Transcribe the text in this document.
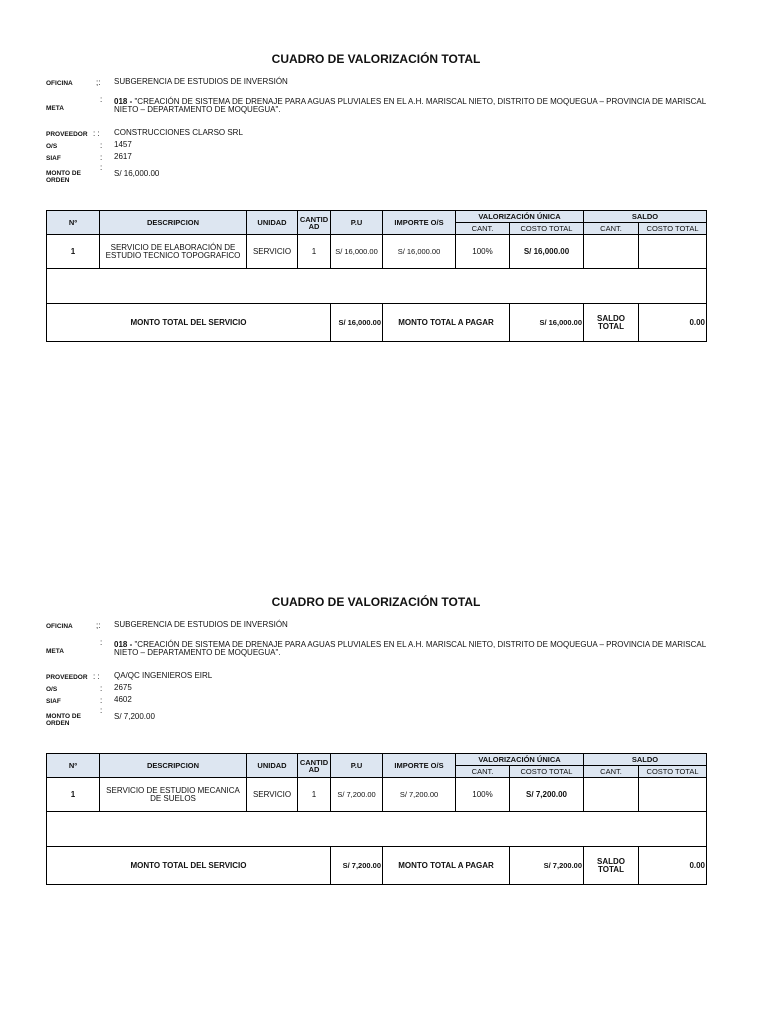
CUADRO DE VALORIZACIÓN TOTAL
OFICINA	;: SUBGERENCIA DE ESTUDIOS DE INVERSIÓN
META
: 018 - "CREACIÓN DE SISTEMA DE DRENAJE PARA AGUAS PLUVIALES EN EL A.H. MARISCAL NIETO, DISTRITO DE MOQUEGUA – PROVINCIA DE MARISCAL NIETO – DEPARTAMENTO DE MOQUEGUA".
PROVEEDOR : : CONSTRUCCIONES CLARSO SRL
O/S	: 1457
SIAF	: 2617
MONTO DE ORDEN
:
S/ 16,000.00
Nº	DESCRIPCION	UNIDAD	CANTIDAD	P.U	IMPORTE O/S	VALORIZACIÓN ÚNICA		SALDO	
						CANT.	COSTO TOTAL	CANT.	COSTO TOTAL
1	SERVICIO DE ELABORACIÓN DE ESTUDIO TECNICO TOPOGRAFICO	SERVICIO	1	S/ 16,000.00	S/ 16,000.00	100%	S/ 16,000.00		

MONTO TOTAL DEL SERVICIO				S/ 16,000.00	MONTO TOTAL A PAGAR		S/ 16,000.00	SALDO TOTAL	0.00
CUADRO DE VALORIZACIÓN TOTAL
OFICINA	;: SUBGERENCIA DE ESTUDIOS DE INVERSIÓN
META
: 018 - "CREACIÓN DE SISTEMA DE DRENAJE PARA AGUAS PLUVIALES EN EL A.H. MARISCAL NIETO, DISTRITO DE MOQUEGUA – PROVINCIA DE MARISCAL NIETO – DEPARTAMENTO DE MOQUEGUA".
PROVEEDOR : : QA/QC INGENIEROS EIRL
O/S	: 2675
SIAF	: 4602
MONTO DE ORDEN
:
S/ 7,200.00
Nº	DESCRIPCION	UNIDAD	CANTIDAD	P.U	IMPORTE O/S	VALORIZACIÓN ÚNICA		SALDO	
						CANT.	COSTO TOTAL	CANT.	COSTO TOTAL
1	SERVICIO DE ESTUDIO MECANICA DE SUELOS	SERVICIO	1	S/ 7,200.00	S/ 7,200.00	100%	S/ 7,200.00		

MONTO TOTAL DEL SERVICIO				S/ 7,200.00	MONTO TOTAL A PAGAR		S/ 7,200.00	SALDO TOTAL	0.00
